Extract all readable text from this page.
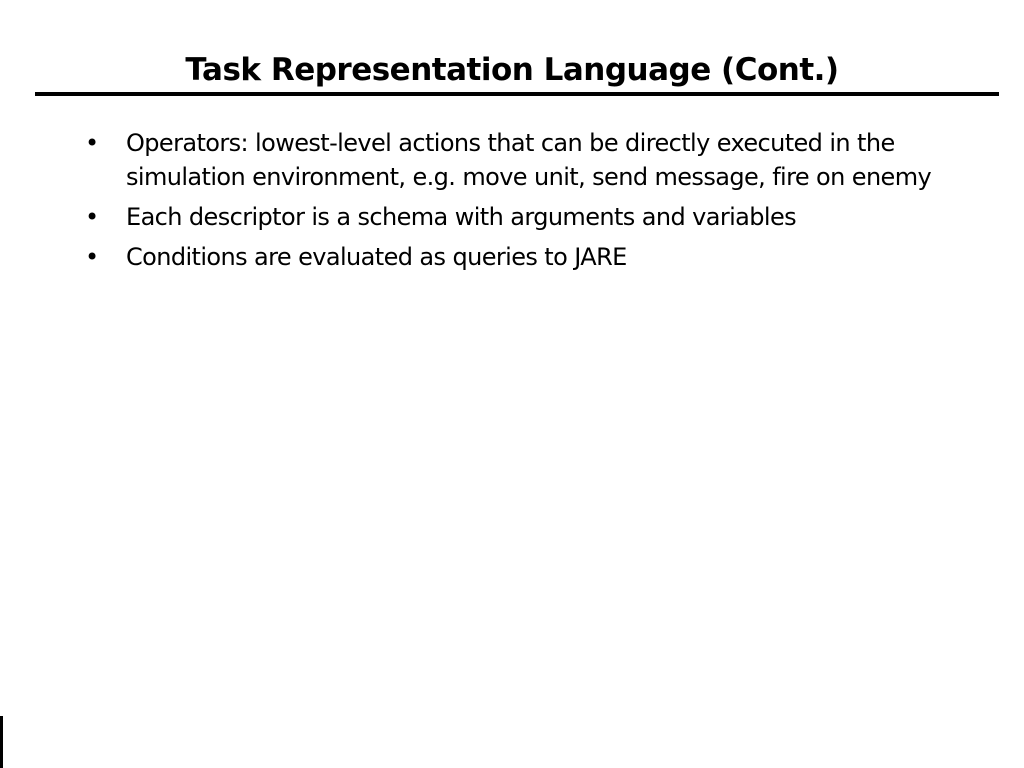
Task Representation Language (Cont.)
• Operators: lowest-level actions that can be directly executed in the simulation environment, e.g. move unit, send message, fire on enemy
• Each descriptor is a schema with arguments and variables
• Conditions are evaluated as queries to JARE
